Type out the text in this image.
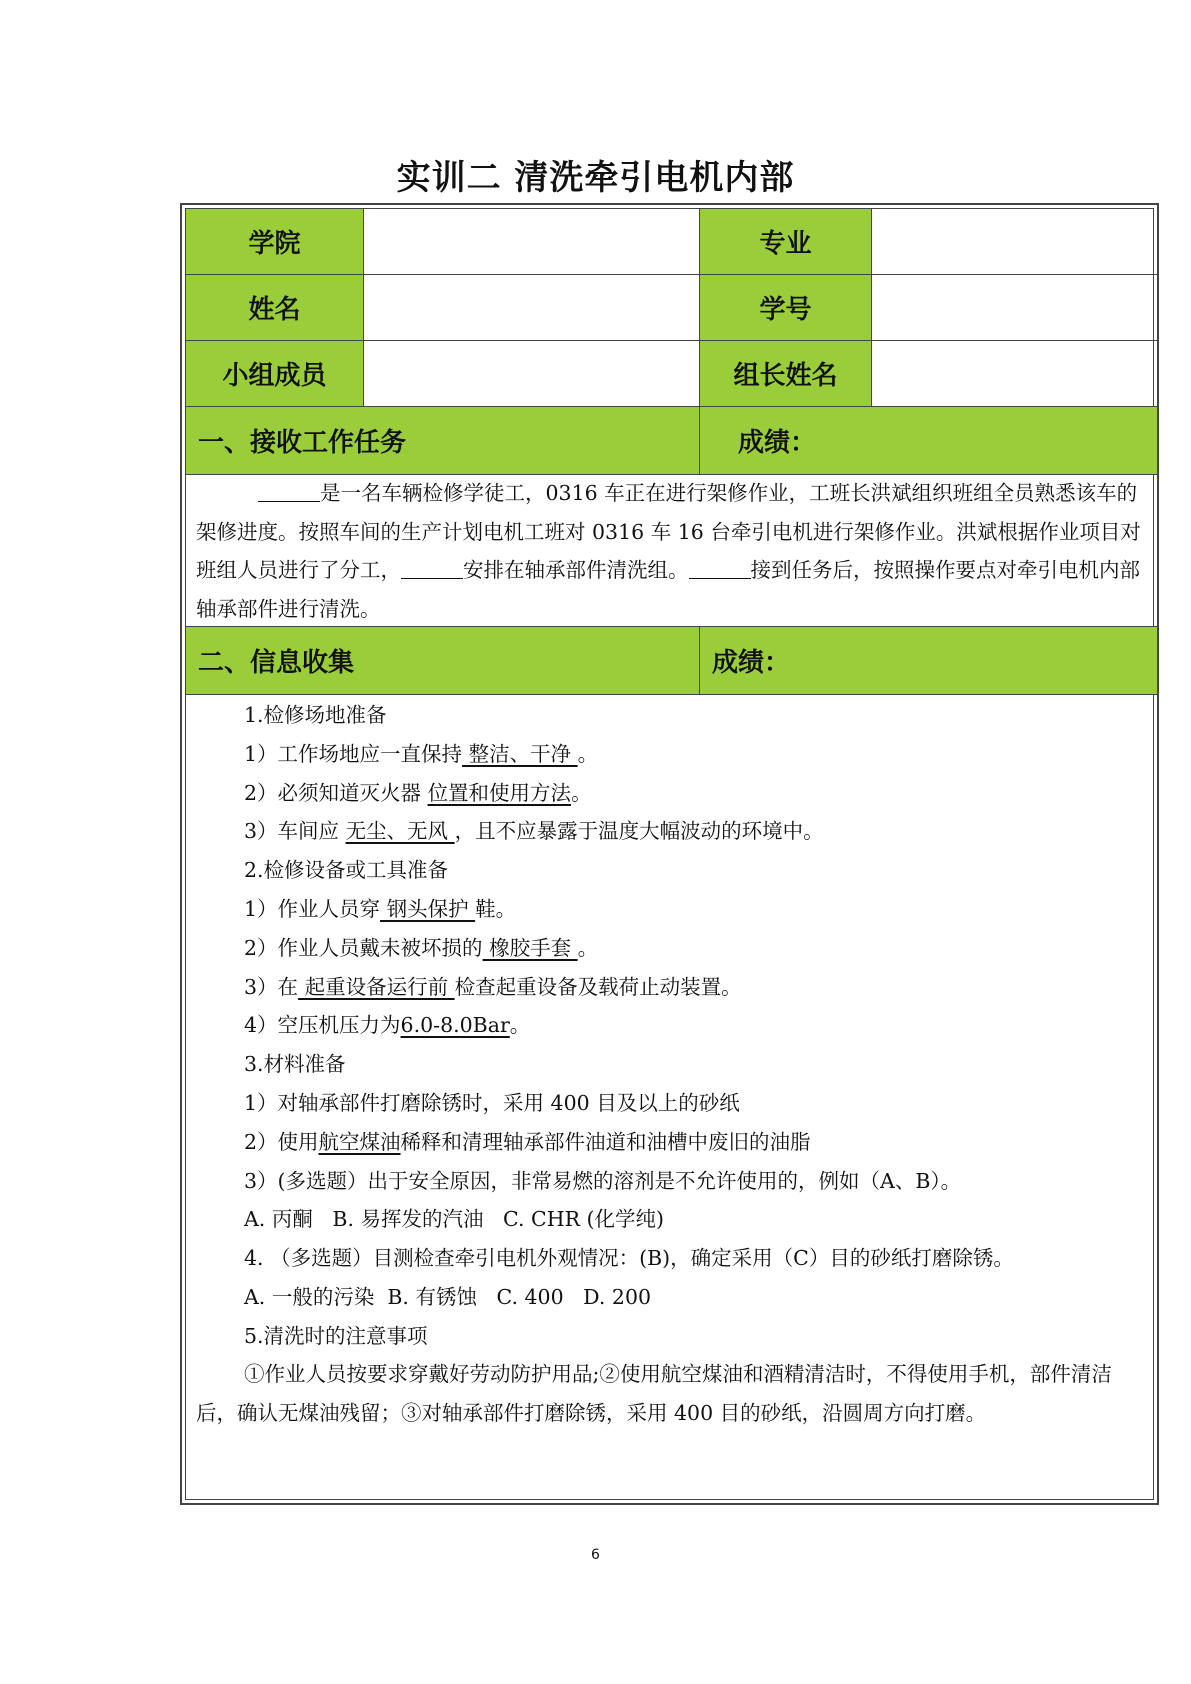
实训二 清洗牵引电机内部
学院	专业
姓名	学号
小组成员	组长姓名
一、接收工作任务	成绩：

是一名车辆检修学徒工，0316 车正在进行架修作业，工班长洪斌组织班组全员熟悉该车的架修进度。按照车间的生产计划电机工班对 0316 车 16 台牵引电机进行架修作业。洪斌根据作业项目对班组人员进行了分工，	安排在轴承部件清洗组。	接到任务后，按照操作要点对牵引电机内部轴承部件进行清洗。

二、信息收集	成绩：
1.检修场地准备
1）工作场地应一直保持 整洁、干净 。
2）必须知道灭火器 位置和使用方法。
3）车间应 无尘、无风 ，且不应暴露于温度大幅波动的环境中。
2.检修设备或工具准备
1）作业人员穿 钢头保护 鞋。
2）作业人员戴未被坏损的 橡胶手套 。
3）在 起重设备运行前 检查起重设备及载荷止动装置。
4）空压机压力为6.0-8.0Bar。
3.材料准备
1）对轴承部件打磨除锈时，采用 400 目及以上的砂纸
2）使用航空煤油稀释和清理轴承部件油道和油槽中废旧的油脂
3）(多选题）出于安全原因，非常易燃的溶剂是不允许使用的，例如（A、B）。
A. 丙酮   B. 易挥发的汽油   C. CHR (化学纯)
4. （多选题）目测检查牵引电机外观情况：(B)，确定采用（C）目的砂纸打磨除锈。
A. 一般的污染  B. 有锈蚀   C. 400   D. 200
5.清洗时的注意事项

①作业人员按要求穿戴好劳动防护用品;②使用航空煤油和酒精清洁时，不得使用手机，部件清洁后，确认无煤油残留；③对轴承部件打磨除锈，采用 400 目的砂纸，沿圆周方向打磨。

6
